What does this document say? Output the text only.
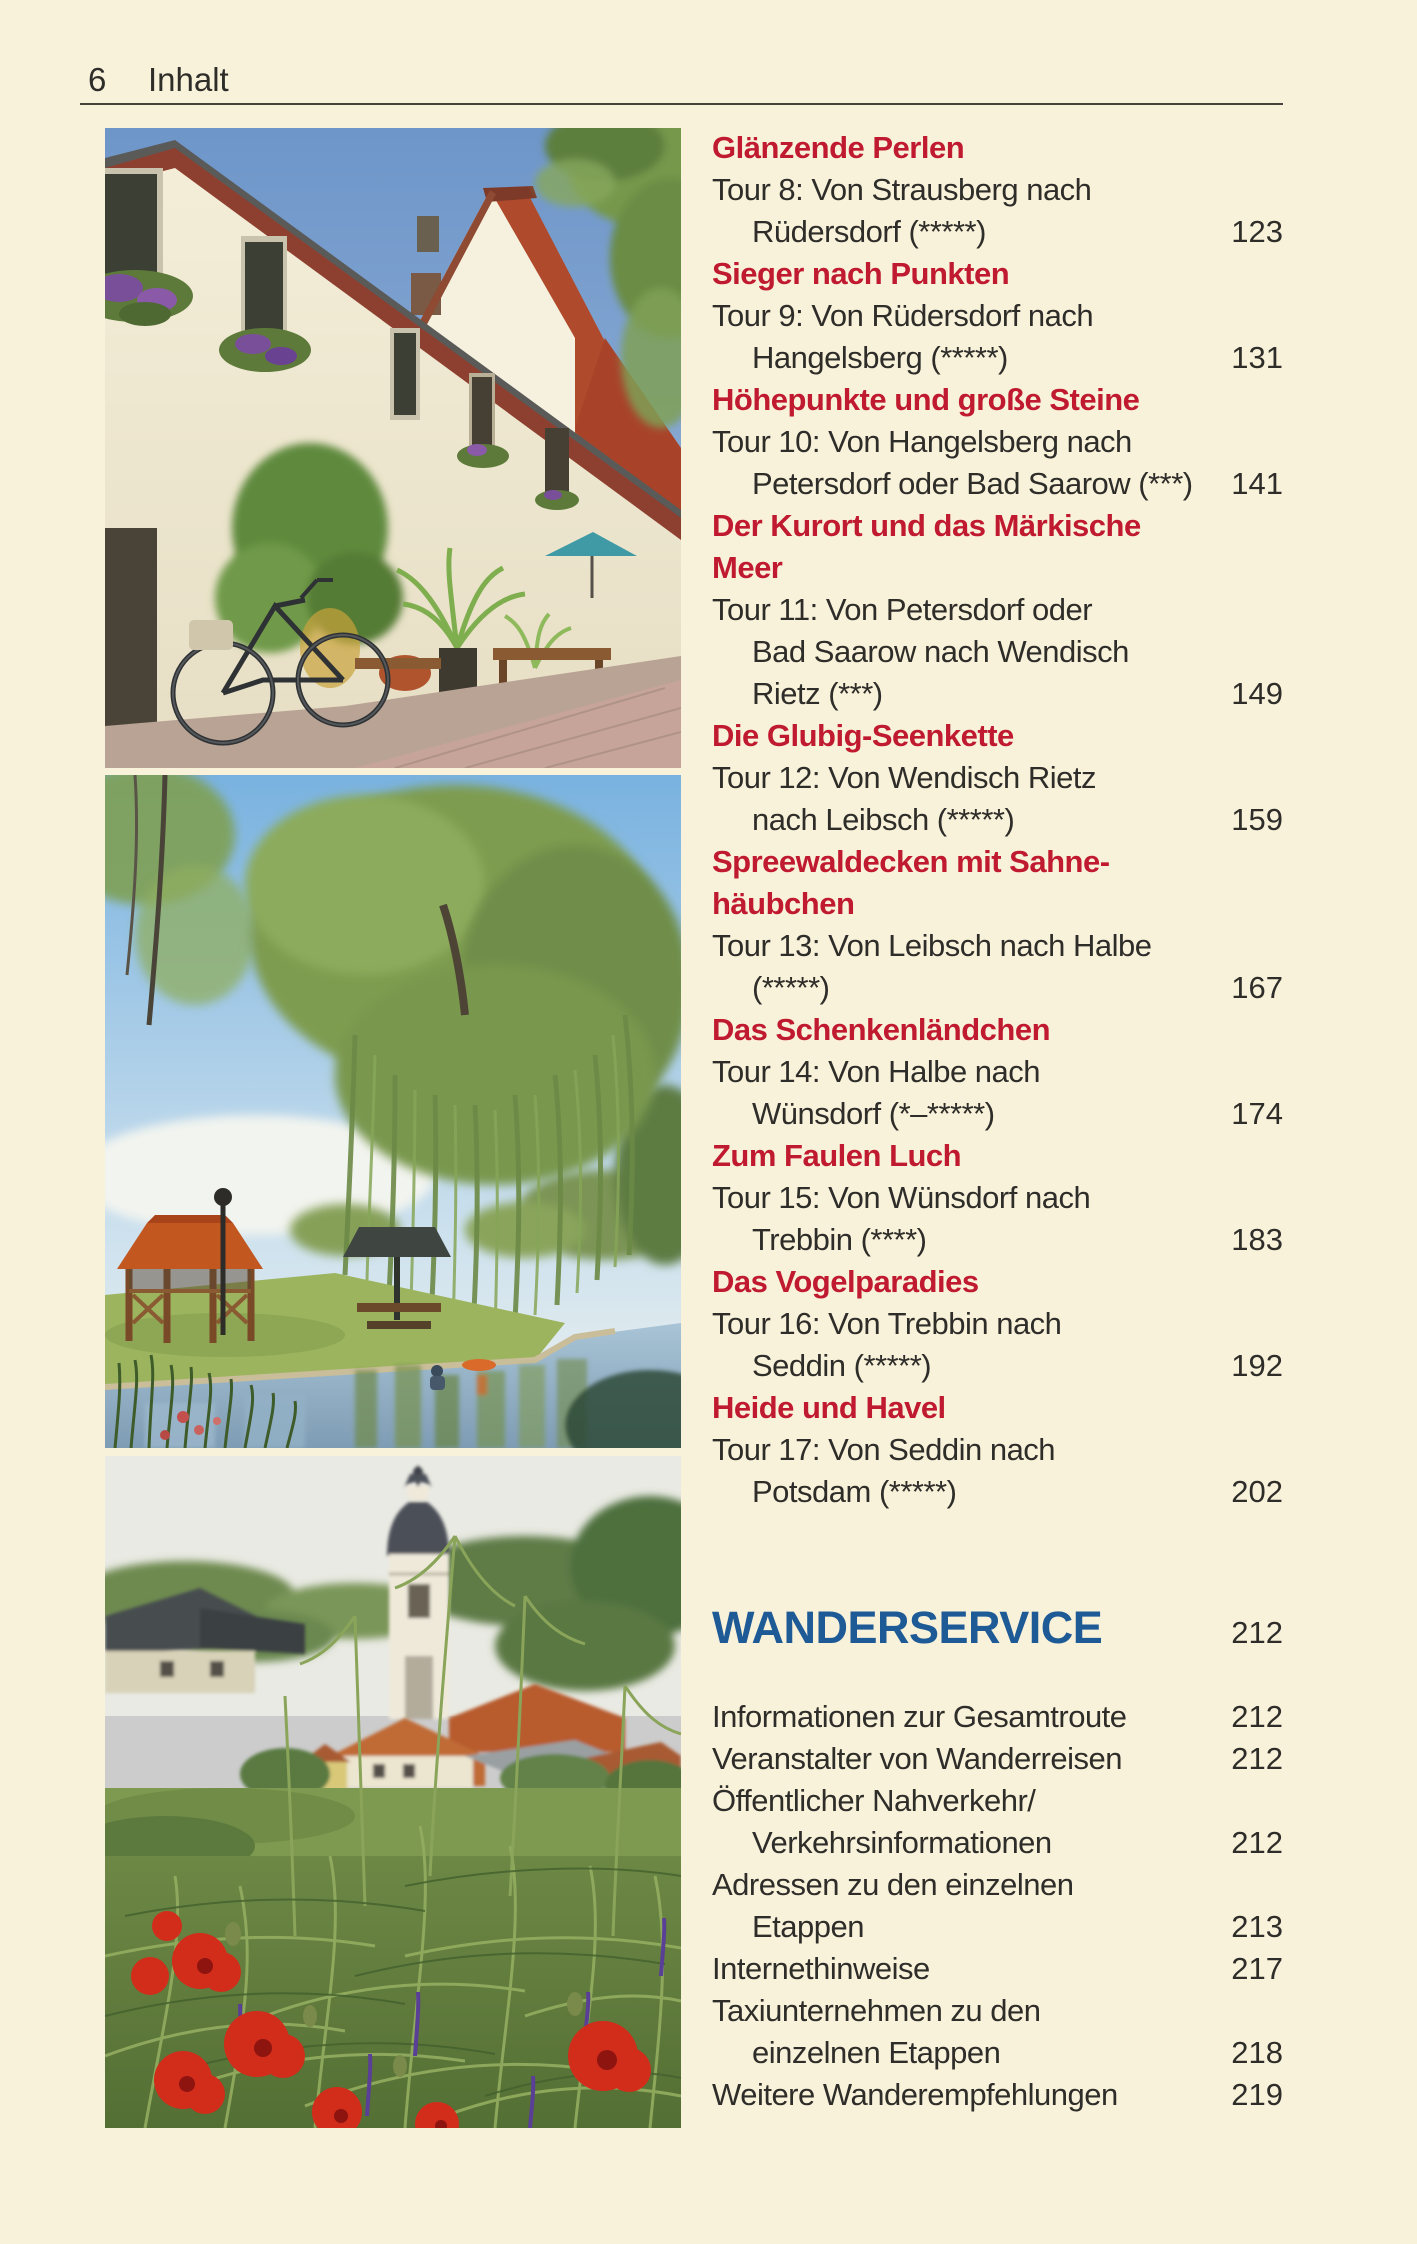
6 Inhalt
Glänzende Perlen
Tour 8: Von Strausberg nach
Rüdersdorf (*****)	123
Sieger nach Punkten
Tour 9: Von Rüdersdorf nach
Hangelsberg (*****)	131
Höhepunkte und große Steine
Tour 10: Von Hangelsberg nach
Petersdorf oder Bad Saarow (***) 141
Der Kurort und das Märkische
Meer
Tour 11: Von Petersdorf oder
Bad Saarow nach Wendisch
Rietz (***)	149
Die Glubig-Seenkette
Tour 12: Von Wendisch Rietz
nach Leibsch (*****)	159
Spreewaldecken mit Sahne-
häubchen
Tour 13: Von Leibsch nach Halbe
(*****)	167
Das Schenkenländchen
Tour 14: Von Halbe nach
Wünsdorf (*–*****)	174
Zum Faulen Luch
Tour 15: Von Wünsdorf nach
Trebbin (****)	183
Das Vogelparadies
Tour 16: Von Trebbin nach
Seddin (*****)	192
Heide und Havel
Tour 17: Von Seddin nach
Potsdam (*****)	202
WANDERSERVICE	212
Informationen zur Gesamtroute	212
Veranstalter von Wanderreisen	212
Öffentlicher Nahverkehr/
Verkehrsinformationen	212
Adressen zu den einzelnen
Etappen	213
Internethinweise	217
Taxiunternehmen zu den
einzelnen Etappen	218
Weitere Wanderempfehlungen	219
